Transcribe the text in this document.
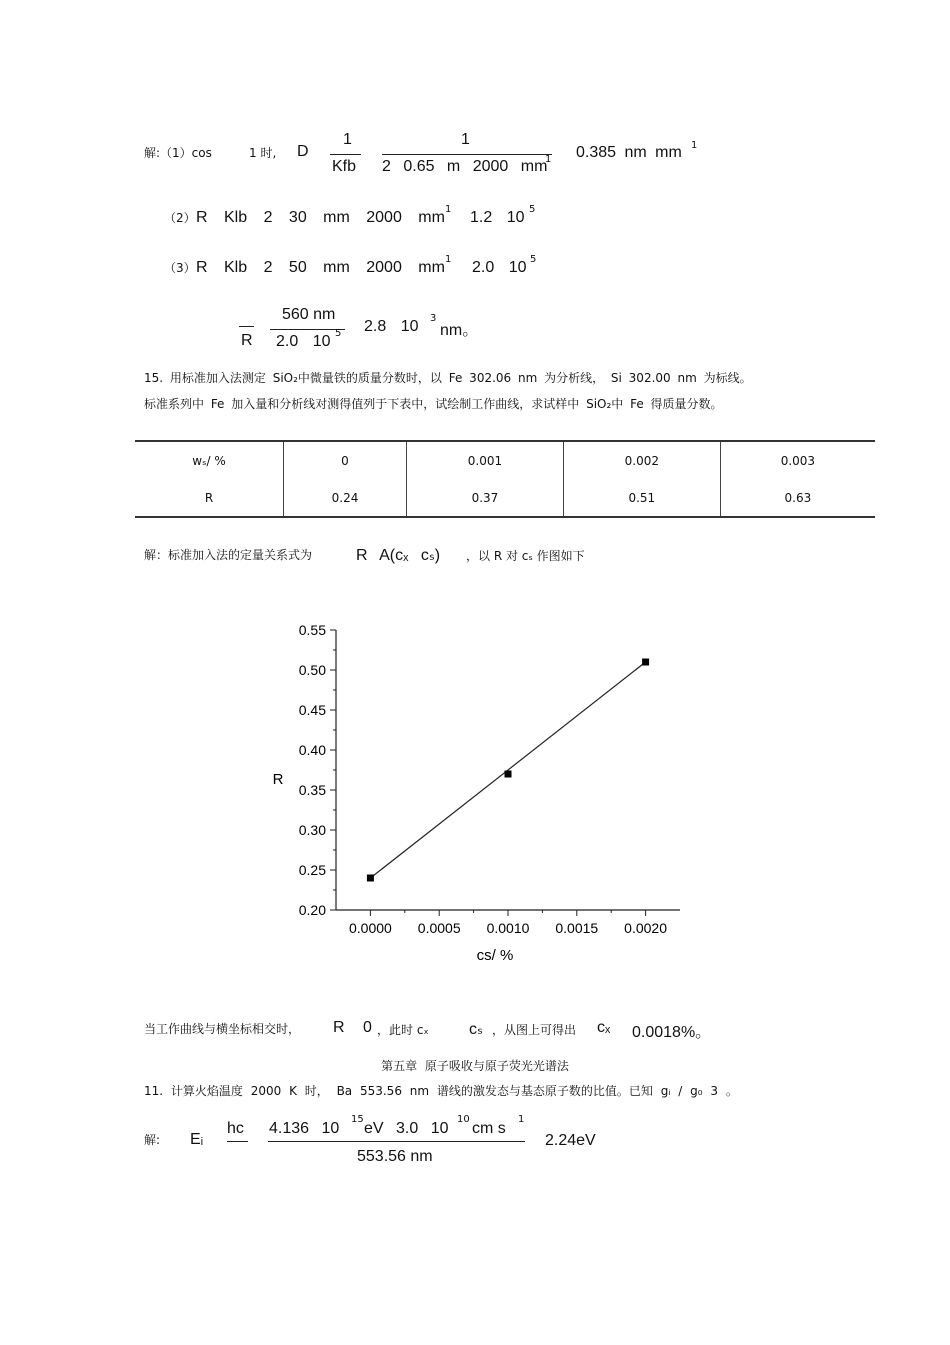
解:（1）cos	1 时, D
1
Kfb
1
2 0.65 m 2000 mm
1 0.385 nm mm 1
（2） R Klb 2 30 mm 2000 mm 1 1.2 10 5
（3） R Klb 2 50 mm 2000 mm 1 2.0 10 5
R
560 nm
2.0 10 5 2.8 10 3
nm。
15. 用标准加入法测定 SiO₂中微量铁的质量分数时，以 Fe 302.06 nm 为分析线， Si 302.00 nm 为标线。
标准系列中 Fe 加入量和分析线对测得值列于下表中，试绘制工作曲线，求试样中 SiO₂中 Fe 得质量分数。
wₛ/ %	0	0.001	0.002	0.003
R	0.24	0.37	0.51	0.63
解：标准加入法的定量关系式为	R A(cₓ cₛ) ，以 R 对 cₛ 作图如下
0.20
0.25
0.30
0.35
0.40
0.45
0.50
0.55
0.0000 0.0005 0.0010 0.0015 0.0020
cs/ %
R
当工作曲线与横坐标相交时， R 0 ，此时 cₓ	cₛ ，从图上可得出 cₓ 0.0018%。
第五章 原子吸收与原子荧光光谱法
11. 计算火焰温度 2000 K 时， Ba 553.56 nm 谱线的激发态与基态原子数的比值。已知 gᵢ / g₀ 3 。
解: Eᵢ
hc 4.136 10
15
eV 3.0 10
10
cm s
1
553.56 nm
2.24eV
